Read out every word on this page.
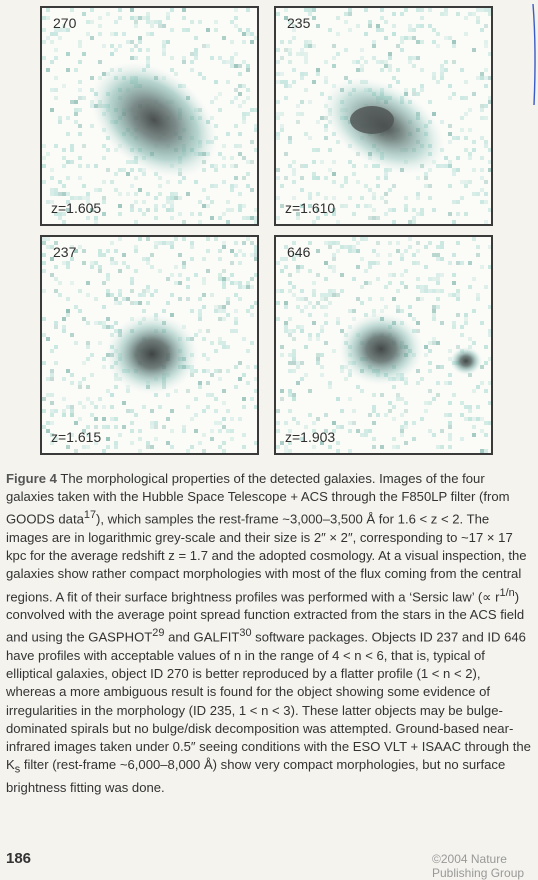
270
z=1.605
235
z=1.610
237
z=1.615
646
z=1.903
Figure 4 The morphological properties of the detected galaxies. Images of the four galaxies taken with the Hubble Space Telescope + ACS through the F850LP filter (from GOODS data$^{17}$), which samples the rest-frame ~3,000–3,500 Å for 1.6 < z < 2. The images are in logarithmic grey-scale and their size is 2″ × 2″, corresponding to ~17 × 17 kpc for the average redshift z = 1.7 and the adopted cosmology. At a visual inspection, the galaxies show rather compact morphologies with most of the flux coming from the central regions. A fit of their surface brightness profiles was performed with a ‘Sersic law’ (∝ $r^{1/n}$) convolved with the average point spread function extracted from the stars in the ACS field and using the GASPHOT$^{29}$ and GALFIT$^{30}$ software packages. Objects ID 237 and ID 646 have profiles with acceptable values of n in the range of 4 < n < 6, that is, typical of elliptical galaxies, object ID 270 is better reproduced by a flatter profile (1 < n < 2), whereas a more ambiguous result is found for the object showing some evidence of irregularities in the morphology (ID 235, 1 < n < 3). These latter objects may be bulge-dominated spirals but no bulge/disk decomposition was attempted. Ground-based near-infrared images taken under 0.5″ seeing conditions with the ESO VLT + ISAAC through the $K_s$ filter (rest-frame ~6,000–8,000 Å) show very compact morphologies, but no surface brightness fitting was done.
186	©2004 Nature Publishing Group
